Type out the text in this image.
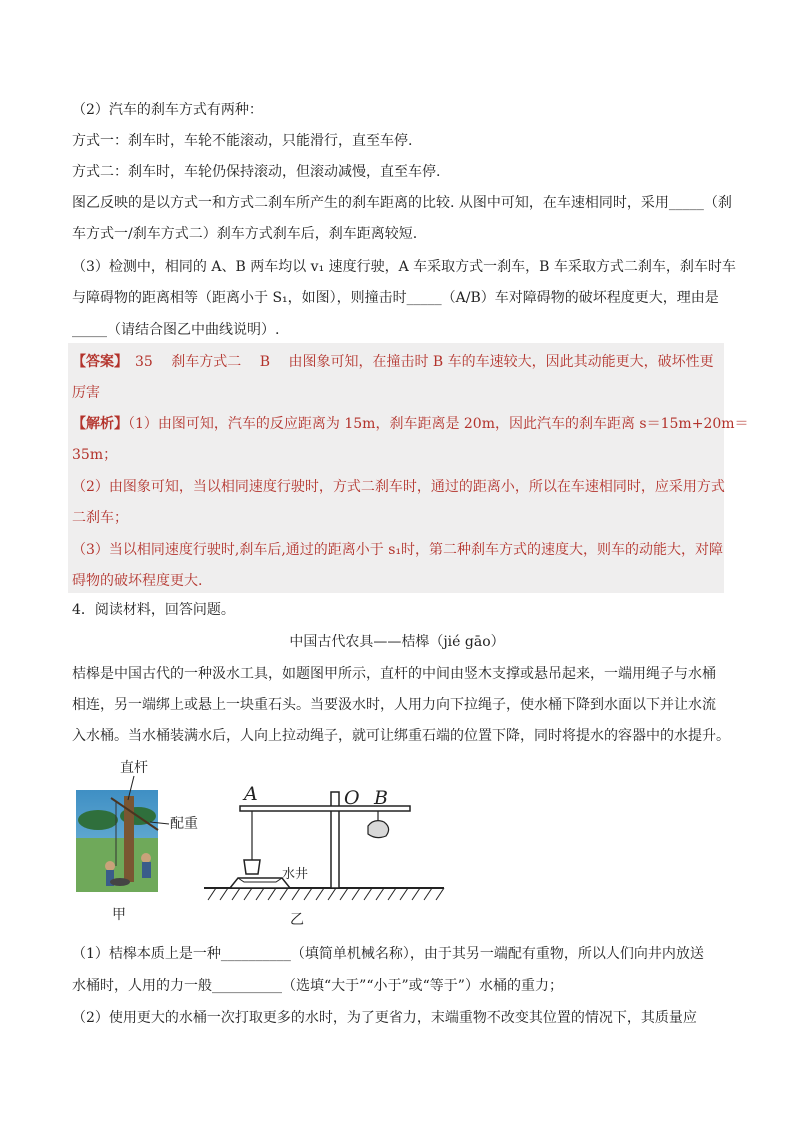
（2）汽车的刹车方式有两种：
方式一：刹车时，车轮不能滚动，只能滑行，直至车停.
方式二：刹车时，车轮仍保持滚动，但滚动减慢，直至车停.
图乙反映的是以方式一和方式二刹车所产生的刹车距离的比较. 从图中可知，在车速相同时，采用_____（刹
车方式一/刹车方式二）刹车方式刹车后，刹车距离较短.
（3）检测中，相同的 A、B 两车均以 v₁ 速度行驶，A 车采取方式一刹车，B 车采取方式二刹车，刹车时车
与障碍物的距离相等（距离小于 S₁，如图），则撞击时_____（A/B）车对障碍物的破坏程度更大，理由是
_____（请结合图乙中曲线说明）.
【答案】　35　 刹车方式二　 B　 由图象可知，在撞击时 B 车的车速较大，因此其动能更大，破坏性更
厉害
【解析】（1）由图可知，汽车的反应距离为 15m，刹车距离是 20m，因此汽车的刹车距离 s＝15m+20m＝
35m；
（2）由图象可知，当以相同速度行驶时，方式二刹车时，通过的距离小，所以在车速相同时，应采用方式
二刹车；
（3）当以相同速度行驶时,刹车后,通过的距离小于 s₁时，第二种刹车方式的速度大，则车的动能大，对障
碍物的破坏程度更大.
4．阅读材料，回答问题。
中国古代农具——桔槔（jié gāo）
桔槔是中国古代的一种汲水工具，如题图甲所示，直杆的中间由竖木支撑或悬吊起来，一端用绳子与水桶
相连，另一端绑上或悬上一块重石头。当要汲水时，人用力向下拉绳子，使水桶下降到水面以下并让水流
入水桶。当水桶装满水后，人向上拉动绳子，就可让绑重石端的位置下降，同时将提水的容器中的水提升。
直杆
配重
甲
水井
A	O B
乙
（1）桔槔本质上是一种__________（填简单机械名称），由于其另一端配有重物，所以人们向井内放送
水桶时，人用的力一般__________（选填“大于”“小于”或“等于”）水桶的重力；
（2）使用更大的水桶一次打取更多的水时，为了更省力，末端重物不改变其位置的情况下，其质量应
